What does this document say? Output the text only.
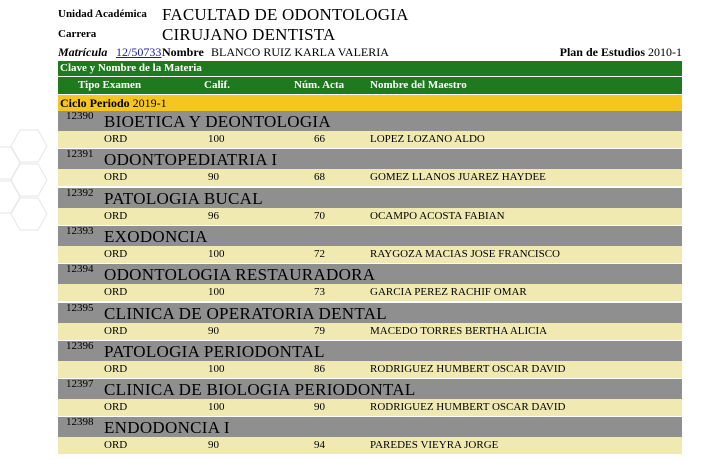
Unidad Académica FACULTAD DE ODONTOLOGIA
Carrera	CIRUJANO DENTISTA
Matrícula 12/50733 Nombre BLANCO RUIZ KARLA VALERIA	Plan de Estudios 2010-1
Clave y Nombre de la Materia
Tipo Examen	Calif.	Núm. Acta Nombre del Maestro
Ciclo Periodo 2019-1
12390 BIOETICA Y DEONTOLOGIA
ORD	100	66	LOPEZ LOZANO ALDO
12391 ODONTOPEDIATRIA I
ORD	90	68	GOMEZ LLANOS JUAREZ HAYDEE
12392 PATOLOGIA BUCAL
ORD	96	70	OCAMPO ACOSTA FABIAN
12393 EXODONCIA
ORD	100	72	RAYGOZA MACIAS JOSE FRANCISCO
12394 ODONTOLOGIA RESTAURADORA
ORD	100	73	GARCIA PEREZ RACHIF OMAR
12395 CLINICA DE OPERATORIA DENTAL
ORD	90	79	MACEDO TORRES BERTHA ALICIA
12396 PATOLOGIA PERIODONTAL
ORD	100	86	RODRIGUEZ HUMBERT OSCAR DAVID
12397 CLINICA DE BIOLOGIA PERIODONTAL
ORD	100	90	RODRIGUEZ HUMBERT OSCAR DAVID
12398 ENDODONCIA I
ORD	90	94	PAREDES VIEYRA JORGE
